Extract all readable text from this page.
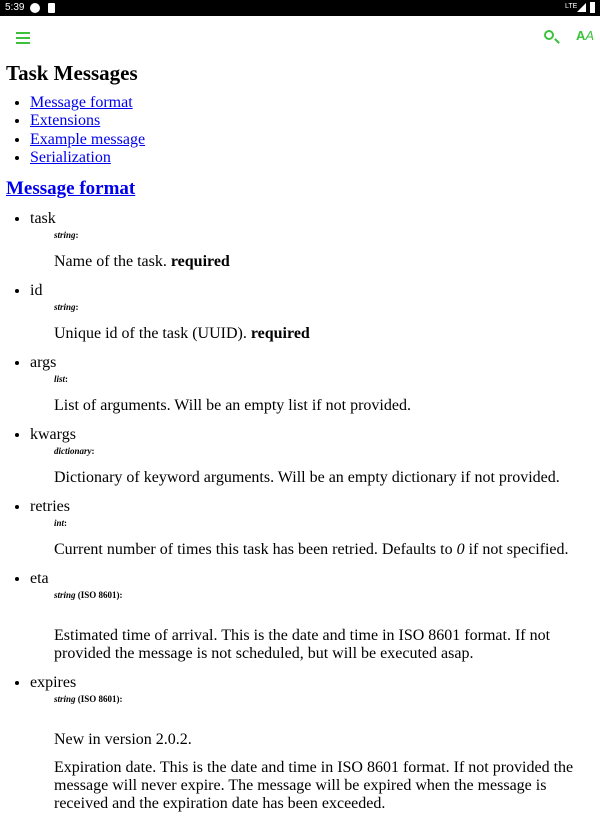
5:39	LTE
AA
Task Messages
• Message format
• Extensions
• Example message
• Serialization
Message format
• task
string:
Name of the task. required
• id
string:
Unique id of the task (UUID). required
• args
list:
List of arguments. Will be an empty list if not provided.
• kwargs
dictionary:
Dictionary of keyword arguments. Will be an empty dictionary if not provided.
• retries
int:
Current number of times this task has been retried. Defaults to 0 if not specified.
• eta
string (ISO 8601):
Estimated time of arrival. This is the date and time in ISO 8601 format. If not provided the message is not scheduled, but will be executed asap.
• expires
string (ISO 8601):
New in version 2.0.2.
Expiration date. This is the date and time in ISO 8601 format. If not provided the message will never expire. The message will be expired when the message is received and the expiration date has been exceeded.
